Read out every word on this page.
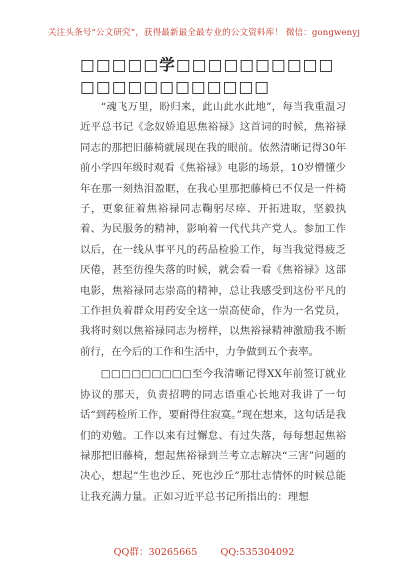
关注头条号“公文研究”，获得最新最全最专业的公文资料库！ 微信：gongwenyj
□□□□□学□□□□□□□□□□□□□□□□□□□□□□

“魂飞万里，盼归来，此山此水此地”，每当我重温习近平总书记《念奴娇追思焦裕禄》这首词的时候，焦裕禄同志的那把旧藤椅就展现在我的眼前。依然清晰记得30年前小学四年级时观看《焦裕禄》电影的场景，10岁懵懂少年在那一刻热泪盈眶，在我心里那把藤椅已不仅是一件椅子，更象征着焦裕禄同志鞠躬尽瘁、开拓进取，坚毅执着、为民服务的精神，影响着一代代共产党人。参加工作以后，在一线从事平凡的药品检验工作，每当我觉得疲乏厌倦，甚至彷徨失落的时候，就会看一看《焦裕禄》这部电影，焦裕禄同志崇高的精神，总让我感受到这份平凡的工作担负着群众用药安全这一崇高使命，作为一名党员，我将时刻以焦裕禄同志为榜样，以焦裕禄精神激励我不断前行，在今后的工作和生活中，力争做到五个表率。

□□□□□□□□□至今我清晰记得XX年前签订就业协议的那天，负责招聘的同志语重心长地对我讲了一句话“到药检所工作，要耐得住寂寞。”现在想来，这句话是我们的劝勉。工作以来有过懈怠、有过失落，每每想起焦裕禄那把旧藤椅，想起焦裕禄到兰考立志解决“三害”问题的决心，想起“生也沙丘、死也沙丘”那壮志情怀的时候总能让我充满力量。正如习近平总书记所指出的：理想

QQ群：30265665 QQ:535304092
